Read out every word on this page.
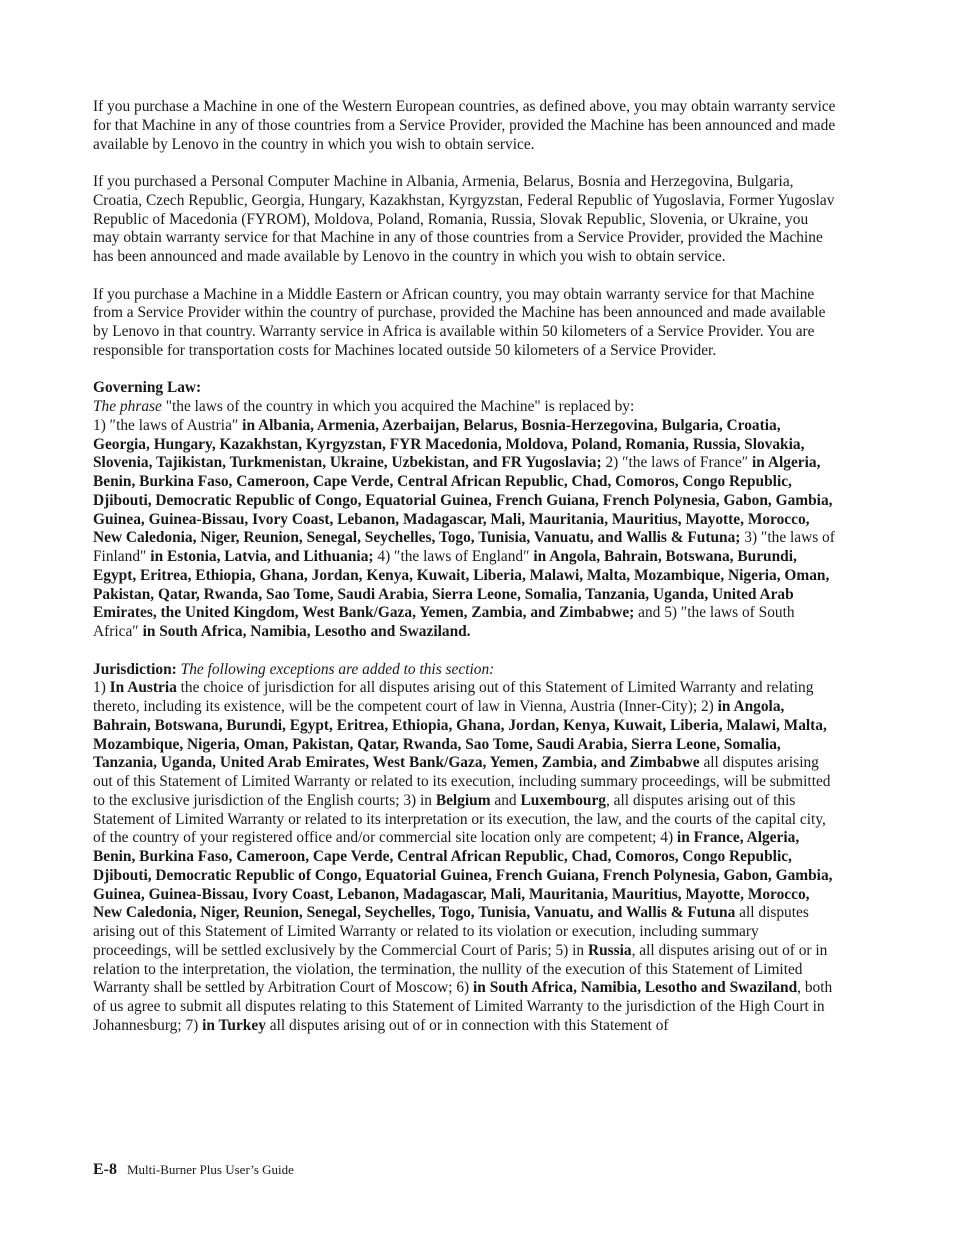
If you purchase a Machine in one of the Western European countries, as defined above, you may obtain warranty service for that Machine in any of those countries from a Service Provider, provided the Machine has been announced and made available by Lenovo in the country in which you wish to obtain service.

If you purchased a Personal Computer Machine in Albania, Armenia, Belarus, Bosnia and Herzegovina, Bulgaria, Croatia, Czech Republic, Georgia, Hungary, Kazakhstan, Kyrgyzstan, Federal Republic of Yugoslavia, Former Yugoslav Republic of Macedonia (FYROM), Moldova, Poland, Romania, Russia, Slovak Republic, Slovenia, or Ukraine, you may obtain warranty service for that Machine in any of those countries from a Service Provider, provided the Machine has been announced and made available by Lenovo in the country in which you wish to obtain service.

If you purchase a Machine in a Middle Eastern or African country, you may obtain warranty service for that Machine from a Service Provider within the country of purchase, provided the Machine has been announced and made available by Lenovo in that country. Warranty service in Africa is available within 50 kilometers of a Service Provider. You are responsible for transportation costs for Machines located outside 50 kilometers of a Service Provider.

Governing Law:
The phrase "the laws of the country in which you acquired the Machine" is replaced by:
1) ″the laws of Austria″ in Albania, Armenia, Azerbaijan, Belarus, Bosnia-Herzegovina, Bulgaria, Croatia, Georgia, Hungary, Kazakhstan, Kyrgyzstan, FYR Macedonia, Moldova, Poland, Romania, Russia, Slovakia, Slovenia, Tajikistan, Turkmenistan, Ukraine, Uzbekistan, and FR Yugoslavia; 2) ″the laws of France″ in Algeria, Benin, Burkina Faso, Cameroon, Cape Verde, Central African Republic, Chad, Comoros, Congo Republic, Djibouti, Democratic Republic of Congo, Equatorial Guinea, French Guiana, French Polynesia, Gabon, Gambia, Guinea, Guinea-Bissau, Ivory Coast, Lebanon, Madagascar, Mali, Mauritania, Mauritius, Mayotte, Morocco, New Caledonia, Niger, Reunion, Senegal, Seychelles, Togo, Tunisia, Vanuatu, and Wallis & Futuna; 3) ″the laws of Finland″ in Estonia, Latvia, and Lithuania; 4) ″the laws of England″ in Angola, Bahrain, Botswana, Burundi, Egypt, Eritrea, Ethiopia, Ghana, Jordan, Kenya, Kuwait, Liberia, Malawi, Malta, Mozambique, Nigeria, Oman, Pakistan, Qatar, Rwanda, Sao Tome, Saudi Arabia, Sierra Leone, Somalia, Tanzania, Uganda, United Arab Emirates, the United Kingdom, West Bank/Gaza, Yemen, Zambia, and Zimbabwe; and 5) ″the laws of South Africa″ in South Africa, Namibia, Lesotho and Swaziland.

Jurisdiction: The following exceptions are added to this section:
1) In Austria the choice of jurisdiction for all disputes arising out of this Statement of Limited Warranty and relating thereto, including its existence, will be the competent court of law in Vienna, Austria (Inner-City); 2) in Angola, Bahrain, Botswana, Burundi, Egypt, Eritrea, Ethiopia, Ghana, Jordan, Kenya, Kuwait, Liberia, Malawi, Malta, Mozambique, Nigeria, Oman, Pakistan, Qatar, Rwanda, Sao Tome, Saudi Arabia, Sierra Leone, Somalia, Tanzania, Uganda, United Arab Emirates, West Bank/Gaza, Yemen, Zambia, and Zimbabwe all disputes arising out of this Statement of Limited Warranty or related to its execution, including summary proceedings, will be submitted to the exclusive jurisdiction of the English courts; 3) in Belgium and Luxembourg, all disputes arising out of this Statement of Limited Warranty or related to its interpretation or its execution, the law, and the courts of the capital city, of the country of your registered office and/or commercial site location only are competent; 4) in France, Algeria, Benin, Burkina Faso, Cameroon, Cape Verde, Central African Republic, Chad, Comoros, Congo Republic, Djibouti, Democratic Republic of Congo, Equatorial Guinea, French Guiana, French Polynesia, Gabon, Gambia, Guinea, Guinea-Bissau, Ivory Coast, Lebanon, Madagascar, Mali, Mauritania, Mauritius, Mayotte, Morocco, New Caledonia, Niger, Reunion, Senegal, Seychelles, Togo, Tunisia, Vanuatu, and Wallis & Futuna all disputes arising out of this Statement of Limited Warranty or related to its violation or execution, including summary proceedings, will be settled exclusively by the Commercial Court of Paris; 5) in Russia, all disputes arising out of or in relation to the interpretation, the violation, the termination, the nullity of the execution of this Statement of Limited Warranty shall be settled by Arbitration Court of Moscow; 6) in South Africa, Namibia, Lesotho and Swaziland, both of us agree to submit all disputes relating to this Statement of Limited Warranty to the jurisdiction of the High Court in Johannesburg; 7) in Turkey all disputes arising out of or in connection with this Statement of

E-8 Multi-Burner Plus User’s Guide
